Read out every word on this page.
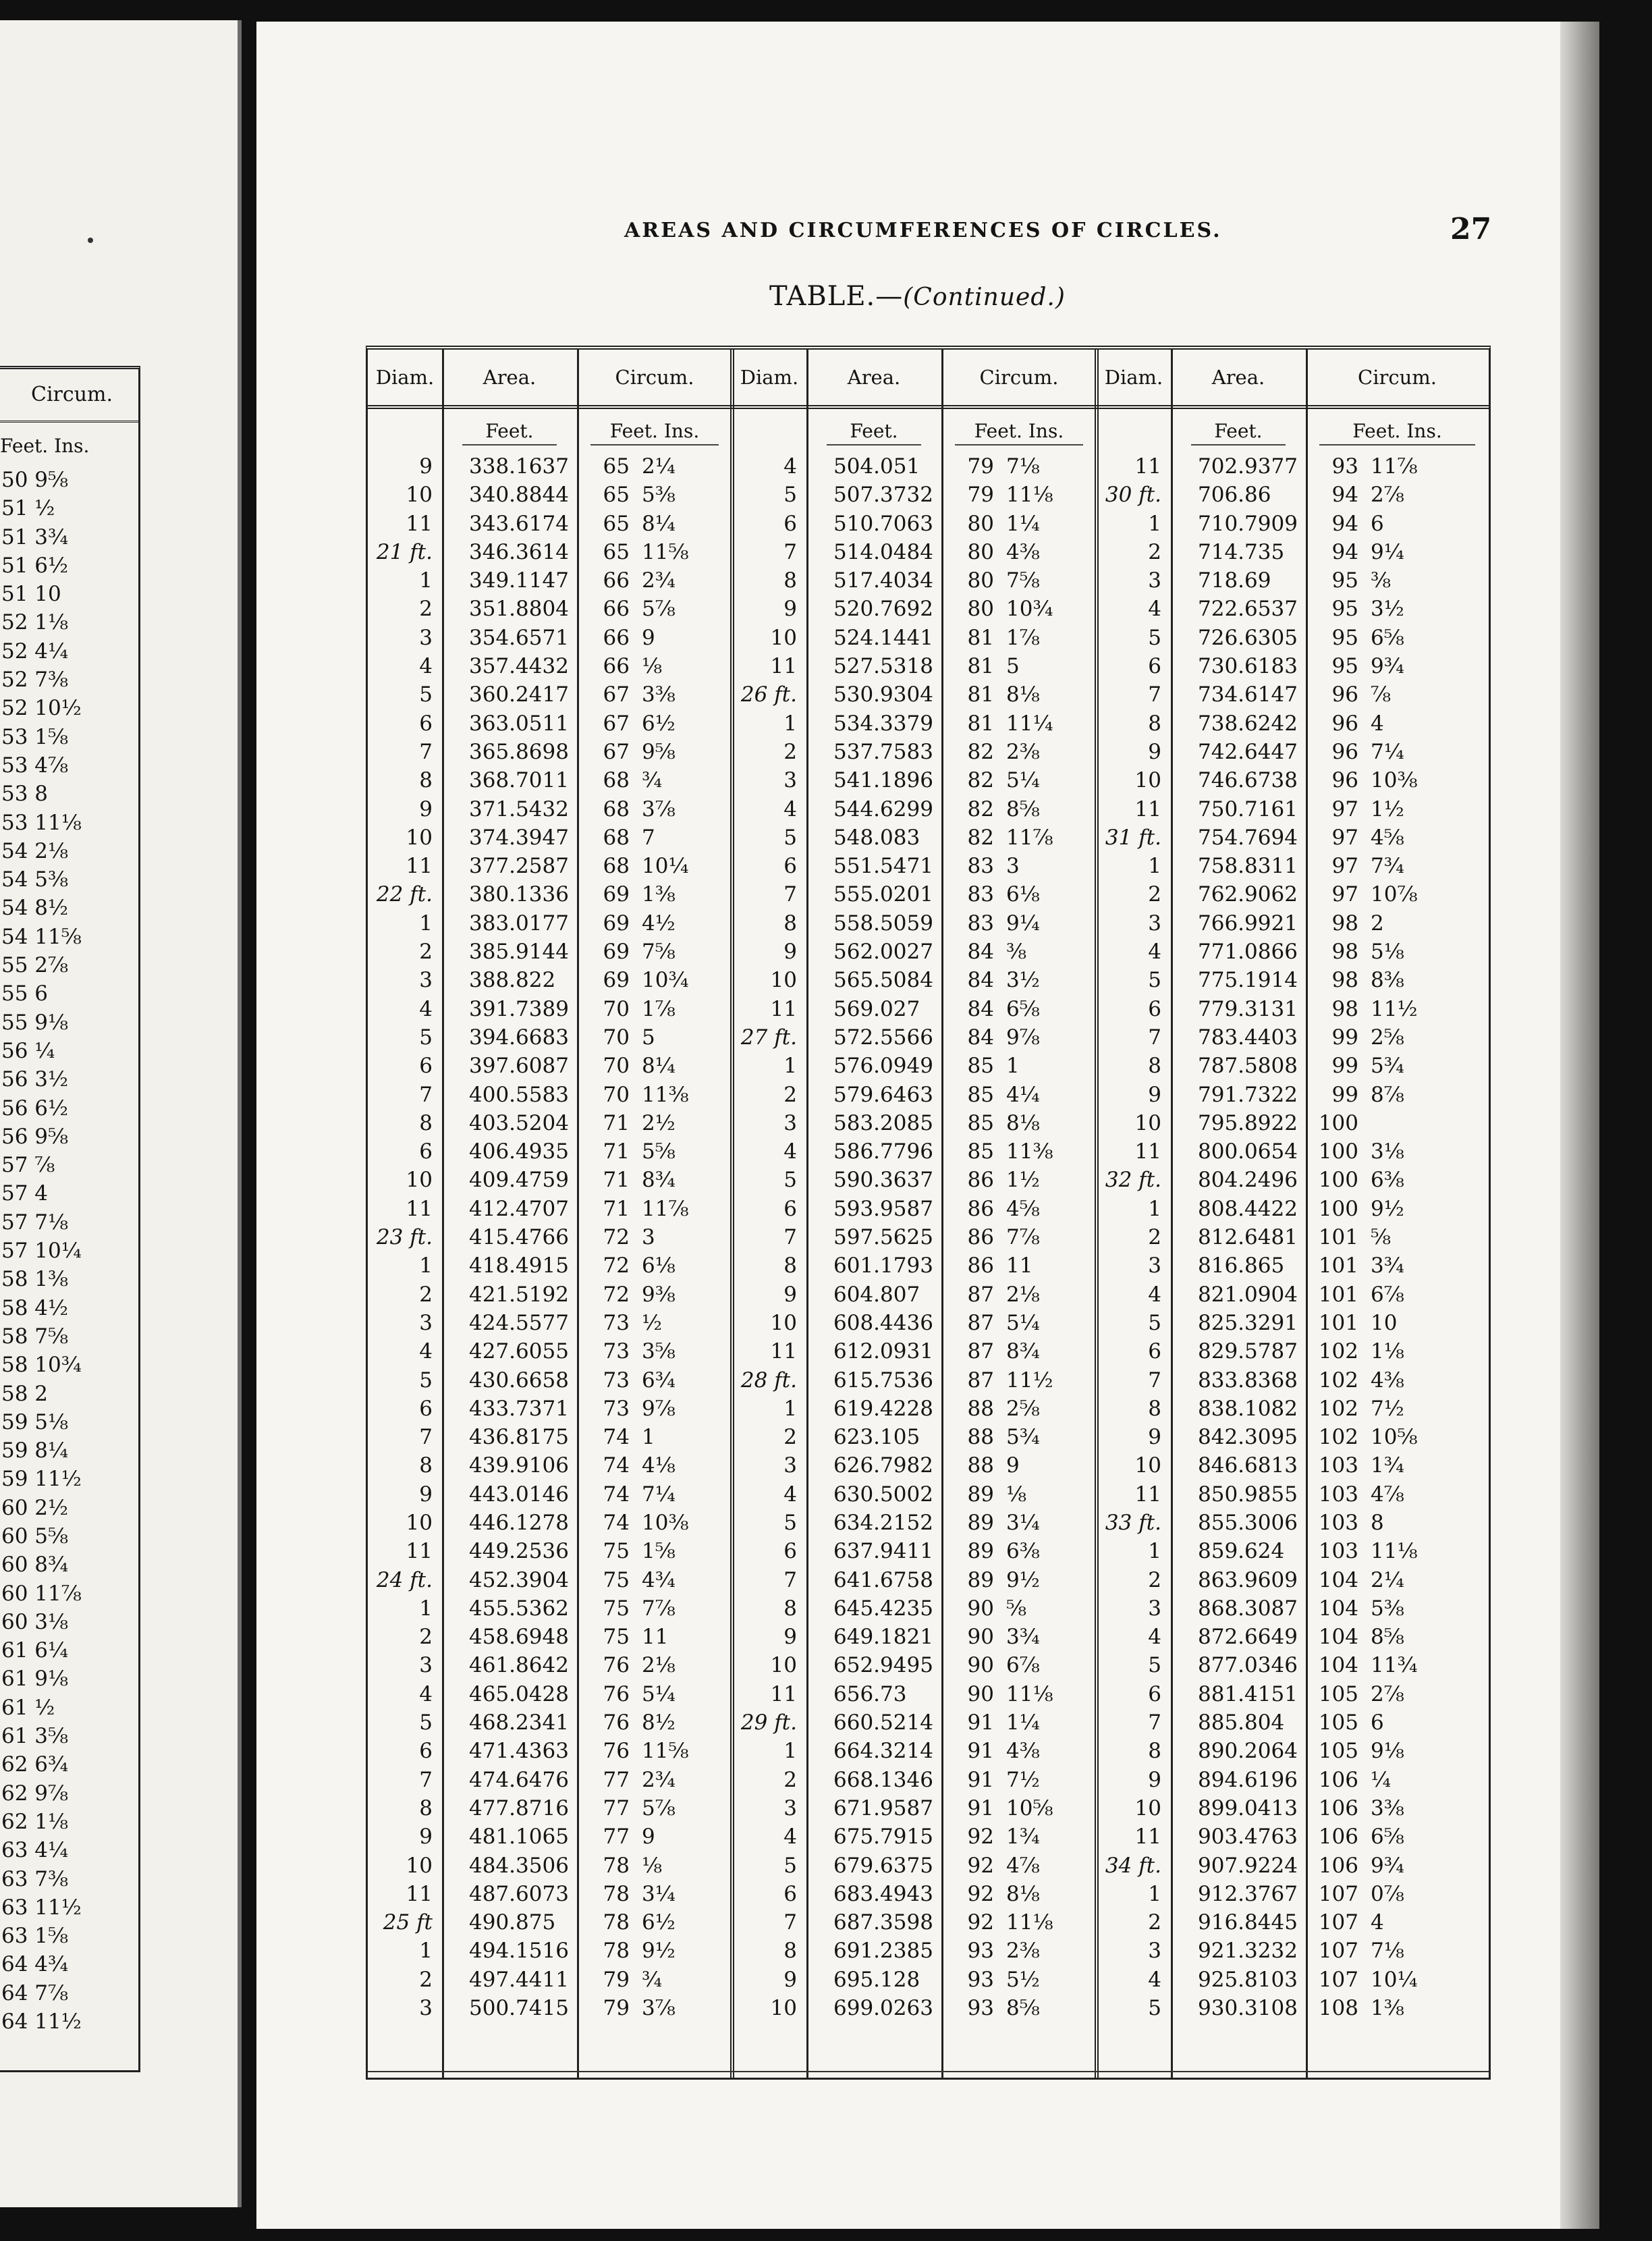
Circum.
Feet. Ins.
50 9⅝
51 ½
51 3¾
51 6½
51 10
52 1⅛
52 4¼
52 7⅜
52 10½
53 1⅝
53 4⅞
53 8
53 11⅛
54 2⅛
54 5⅜
54 8½
54 11⅝
55 2⅞
55 6
55 9⅛
56 ¼
56 3½
56 6½
56 9⅝
57 ⅞
57 4
57 7⅛
57 10¼
58 1⅜
58 4½
58 7⅝
58 10¾
58 2
59 5⅛
59 8¼
59 11½
60 2½
60 5⅝
60 8¾
60 11⅞
60 3⅛
61 6¼
61 9⅛
61 ½
61 3⅝
62 6¾
62 9⅞
62 1⅛
63 4¼
63 7⅜
63 11½
63 1⅝
64 4¾
64 7⅞
64 11½
AREAS AND CIRCUMFERENCES OF CIRCLES.	27
TABLE.—(Continued.)
Diam.	Area.	Circum.
Feet.	Feet. Ins.
9 338.1637	65 2¼
10 340.8844	65 5⅜
11 343.6174	65 8¼
21 ft. 346.3614	65 11⅝
1 349.1147	66 2¾
2 351.8804	66 5⅞
3 354.6571	66 9
4 357.4432	66 ⅛
5 360.2417	67 3⅜
6 363.0511	67 6½
7 365.8698	67 9⅝
8 368.7011	68 ¾
9 371.5432	68 3⅞
10 374.3947	68 7
11 377.2587	68 10¼
22 ft. 380.1336	69 1⅜
1 383.0177	69 4½
2 385.9144	69 7⅝
3 388.822	69 10¾
4 391.7389	70 1⅞
5 394.6683	70 5
6 397.6087	70 8¼
7 400.5583	70 11⅜
8 403.5204	71 2½
6 406.4935	71 5⅝
10 409.4759	71 8¾
11 412.4707	71 11⅞
23 ft. 415.4766	72 3
1 418.4915	72 6⅛
2 421.5192	72 9⅜
3 424.5577	73 ½
4 427.6055	73 3⅝
5 430.6658	73 6¾
6 433.7371	73 9⅞
7 436.8175	74 1
8 439.9106	74 4⅛
9 443.0146	74 7¼
10 446.1278	74 10⅜
11 449.2536	75 1⅝
24 ft. 452.3904	75 4¾
1 455.5362	75 7⅞
2 458.6948	75 11
3 461.8642	76 2⅛
4 465.0428	76 5¼
5 468.2341	76 8½
6 471.4363	76 11⅝
7 474.6476	77 2¾
8 477.8716	77 5⅞
9 481.1065	77 9
10 484.3506	78 ⅛
11 487.6073	78 3¼
25 ft 490.875	78 6½
1 494.1516	78 9½
2 497.4411	79 ¾
3 500.7415	79 3⅞
Diam.	Area.	Circum.
Feet.	Feet. Ins.
4 504.051	79 7⅛
5 507.3732	79 11⅛
6 510.7063	80 1¼
7 514.0484	80 4⅜
8 517.4034	80 7⅝
9 520.7692	80 10¾
10 524.1441	81 1⅞
11 527.5318	81 5
26 ft. 530.9304	81 8⅛
1 534.3379	81 11¼
2 537.7583	82 2⅜
3 541.1896	82 5¼
4 544.6299	82 8⅝
5 548.083	82 11⅞
6 551.5471	83 3
7 555.0201	83 6⅛
8 558.5059	83 9¼
9 562.0027	84 ⅜
10 565.5084	84 3½
11 569.027	84 6⅝
27 ft. 572.5566	84 9⅞
1 576.0949	85 1
2 579.6463	85 4¼
3 583.2085	85 8⅛
4 586.7796	85 11⅜
5 590.3637	86 1½
6 593.9587	86 4⅝
7 597.5625	86 7⅞
8 601.1793	86 11
9 604.807	87 2⅛
10 608.4436	87 5¼
11 612.0931	87 8¾
28 ft. 615.7536	87 11½
1 619.4228	88 2⅝
2 623.105	88 5¾
3 626.7982	88 9
4 630.5002	89 ⅛
5 634.2152	89 3¼
6 637.9411	89 6⅜
7 641.6758	89 9½
8 645.4235	90 ⅝
9 649.1821	90 3¾
10 652.9495	90 6⅞
11 656.73	90 11⅛
29 ft. 660.5214	91 1¼
1 664.3214	91 4⅜
2 668.1346	91 7½
3 671.9587	91 10⅝
4 675.7915	92 1¾
5 679.6375	92 4⅞
6 683.4943	92 8⅛
7 687.3598	92 11⅛
8 691.2385	93 2⅜
9 695.128	93 5½
10 699.0263	93 8⅝
Diam.	Area.	Circum.
Feet.	Feet. Ins.
11 702.9377	93 11⅞
30 ft. 706.86	94 2⅞
1 710.7909	94 6
2 714.735	94 9¼
3 718.69	95 ⅜
4 722.6537	95 3½
5 726.6305	95 6⅝
6 730.6183	95 9¾
7 734.6147	96 ⅞
8 738.6242	96 4
9 742.6447	96 7¼
10 746.6738	96 10⅜
11 750.7161	97 1½
31 ft. 754.7694	97 4⅝
1 758.8311	97 7¾
2 762.9062	97 10⅞
3 766.9921	98 2
4 771.0866	98 5⅛
5 775.1914	98 8⅜
6 779.3131	98 11½
7 783.4403	99 2⅝
8 787.5808	99 5¾
9 791.7322	99 8⅞
10 795.8922 100
11 800.0654 100 3⅛
32 ft. 804.2496 100 6⅜
1 808.4422 100 9½
2 812.6481 101 ⅝
3 816.865 101 3¾
4 821.0904 101 6⅞
5 825.3291 101 10
6 829.5787 102 1⅛
7 833.8368 102 4⅜
8 838.1082 102 7½
9 842.3095 102 10⅝
10 846.6813 103 1¾
11 850.9855 103 4⅞
33 ft. 855.3006 103 8
1 859.624 103 11⅛
2 863.9609 104 2¼
3 868.3087 104 5⅜
4 872.6649 104 8⅝
5 877.0346 104 11¾
6 881.4151 105 2⅞
7 885.804 105 6
8 890.2064 105 9⅛
9 894.6196 106 ¼
10 899.0413 106 3⅜
11 903.4763 106 6⅝
34 ft. 907.9224 106 9¾
1 912.3767 107 0⅞
2 916.8445 107 4
3 921.3232 107 7⅛
4 925.8103 107 10¼
5 930.3108 108 1⅜
